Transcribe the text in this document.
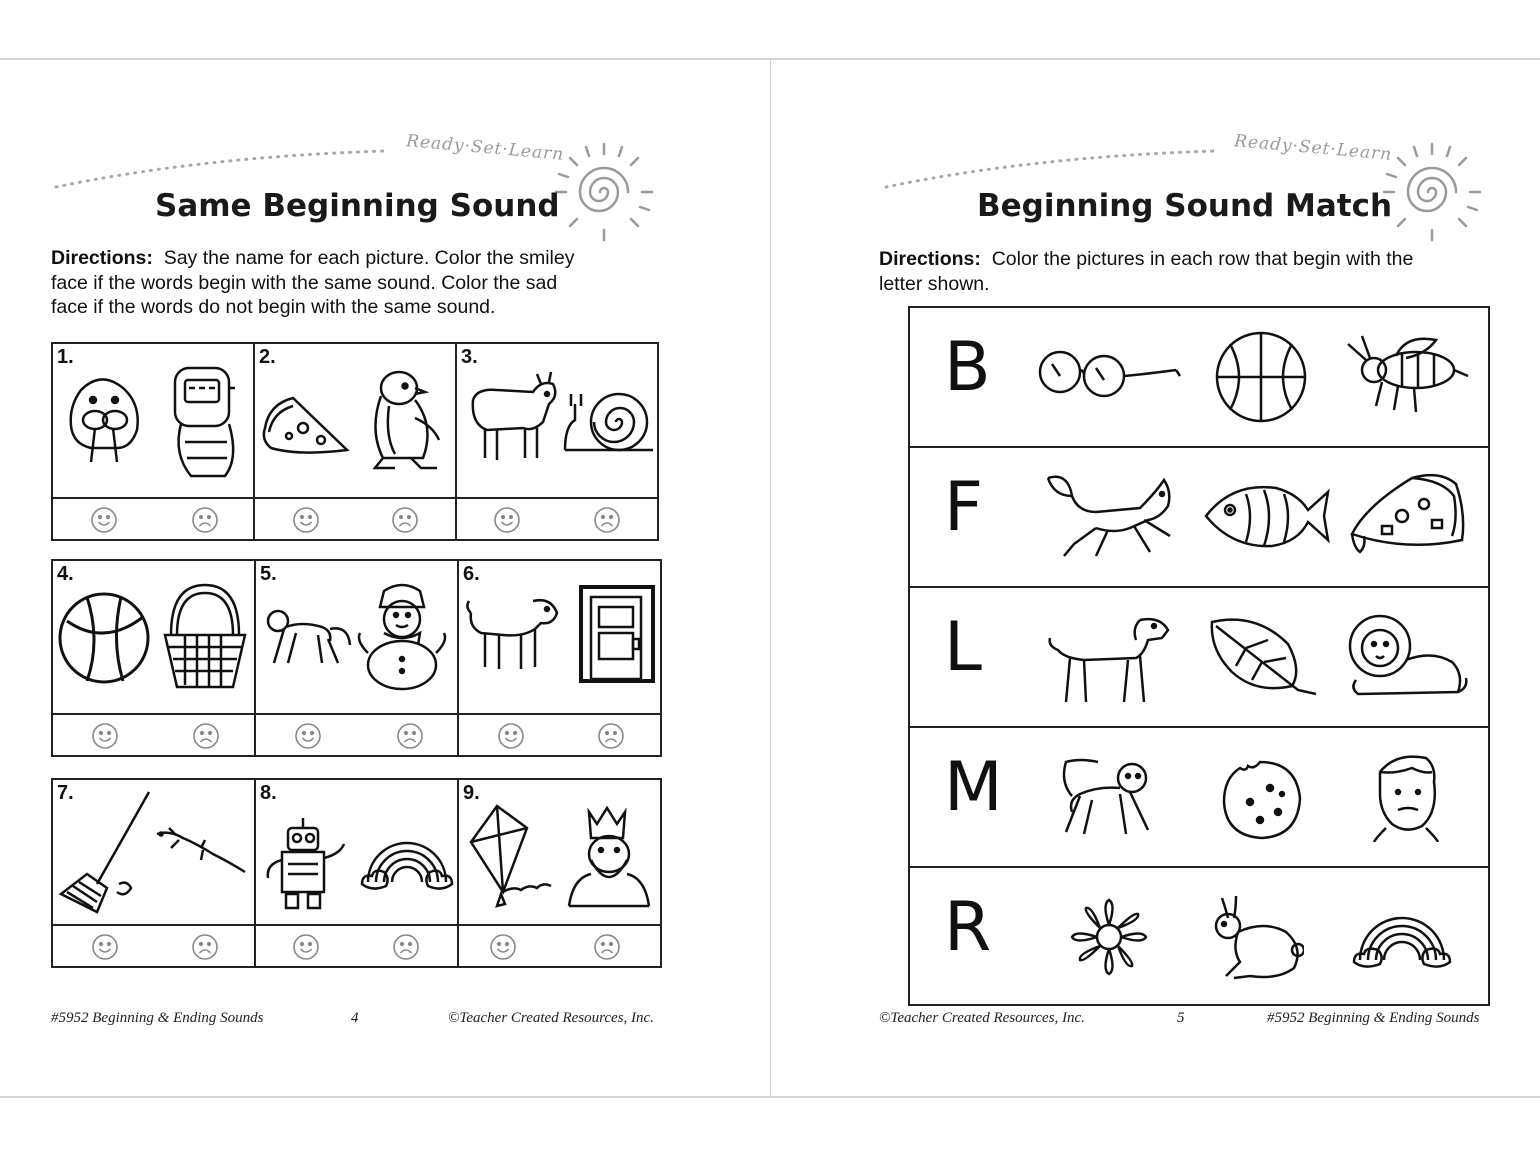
Ready·Set·Learn
Same Beginning Sound
Directions: Say the name for each picture. Color the smiley
face if the words begin with the same sound. Color the sad
face if the words do not begin with the same sound.
1.	2.	3.
4.	5.	6.
7.	8.	9.
#5952 Beginning & Ending Sounds	4	©Teacher Created Resources, Inc.
Ready·Set·Learn
Beginning Sound Match
Directions: Color the pictures in each row that begin with the
letter shown.
B
F
L
M
R
©Teacher Created Resources, Inc.	5	#5952 Beginning & Ending Sounds
